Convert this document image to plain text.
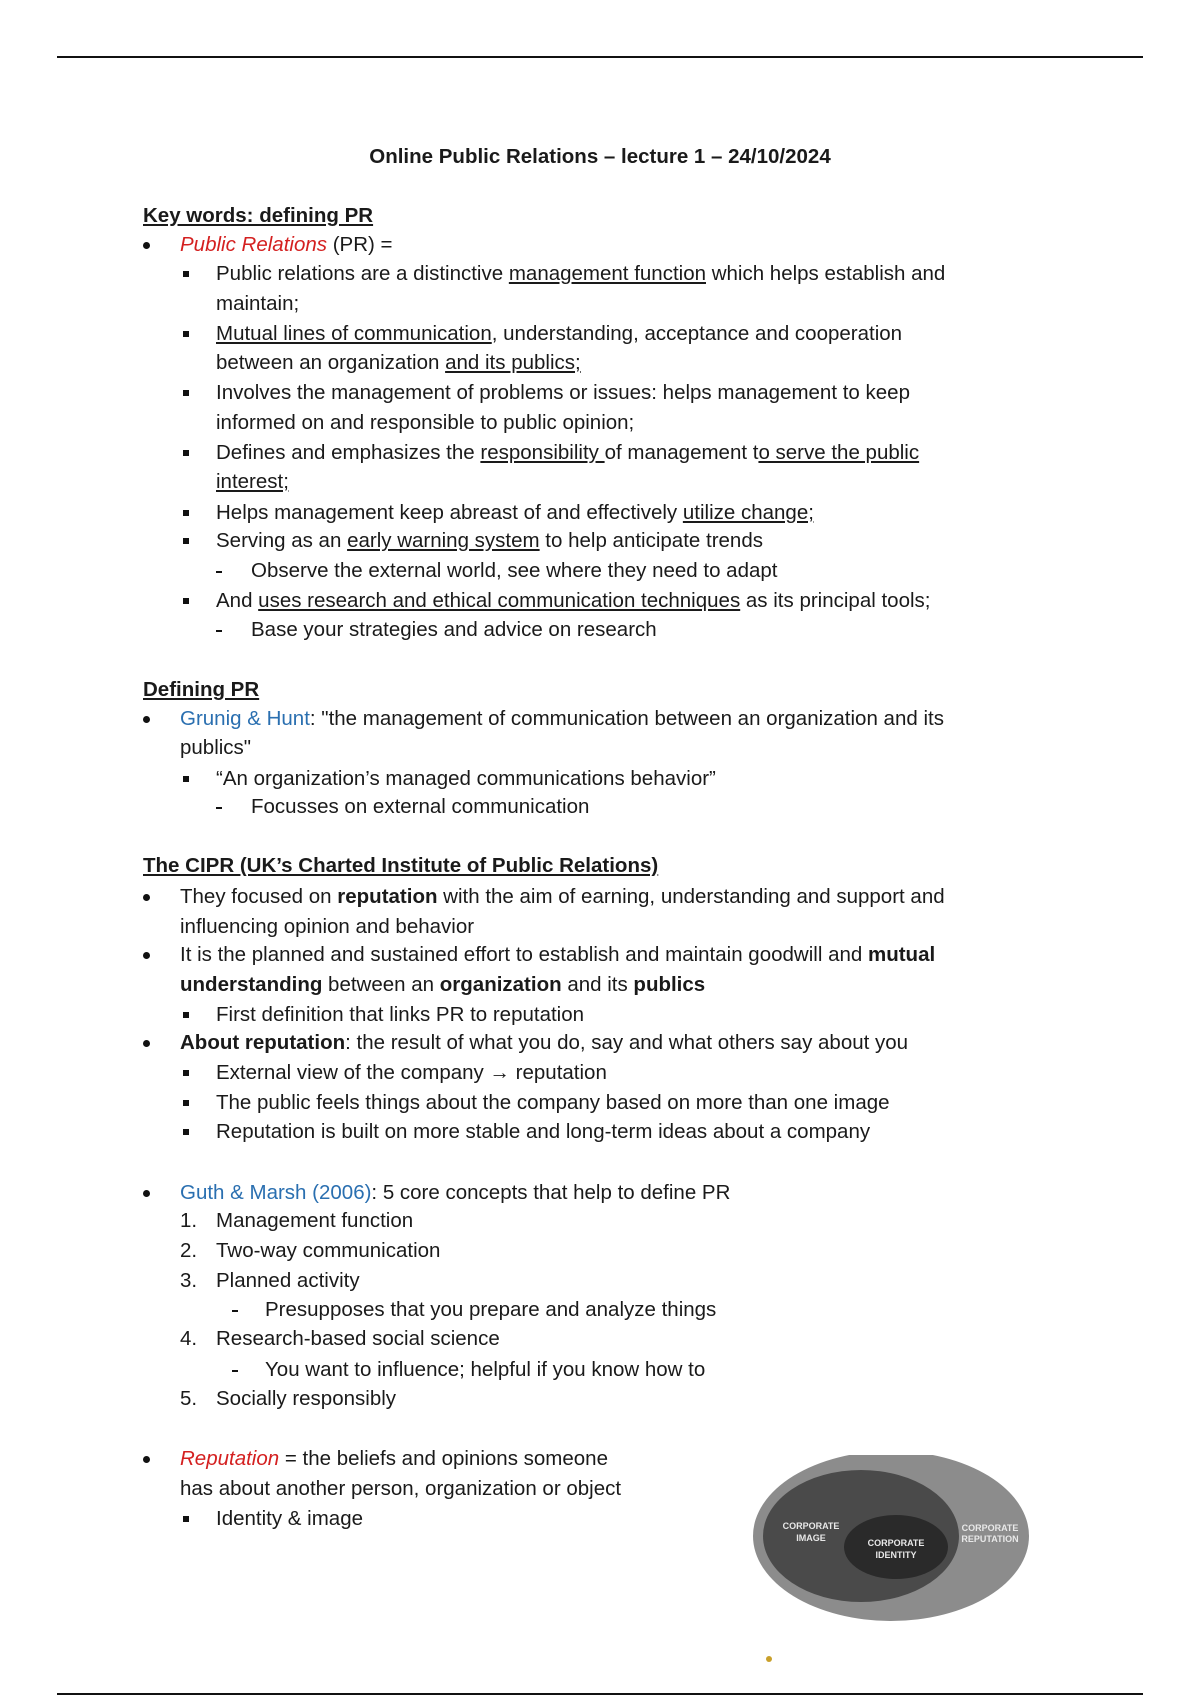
Online Public Relations – lecture 1 – 24/10/2024
Key words: defining PR
Public Relations (PR) =
Public relations are a distinctive management function which helps establish and
maintain;
Mutual lines of communication, understanding, acceptance and cooperation
between an organization and its publics;
Involves the management of problems or issues: helps management to keep
informed on and responsible to public opinion;
Defines and emphasizes the responsibility of management to serve the public
interest;
Helps management keep abreast of and effectively utilize change;
Serving as an early warning system to help anticipate trends
Observe the external world, see where they need to adapt
And uses research and ethical communication techniques as its principal tools;
Base your strategies and advice on research
Defining PR
Grunig & Hunt: "the management of communication between an organization and its
publics"
“An organization’s managed communications behavior”
Focusses on external communication
The CIPR (UK’s Charted Institute of Public Relations)
They focused on reputation with the aim of earning, understanding and support and
influencing opinion and behavior
It is the planned and sustained effort to establish and maintain goodwill and mutual
understanding between an organization and its publics
First definition that links PR to reputation
About reputation: the result of what you do, say and what others say about you
External view of the company → reputation
The public feels things about the company based on more than one image
Reputation is built on more stable and long-term ideas about a company
Guth & Marsh (2006): 5 core concepts that help to define PR
1. Management function
2. Two-way communication
3. Planned activity
Presupposes that you prepare and analyze things
4. Research-based social science
You want to influence; helpful if you know how to
5. Socially responsibly
Reputation = the beliefs and opinions someone
has about another person, organization or object
Identity & image	CORPORATE
REPUTATION
CORPORATE
IMAGE	CORPORATE
IDENTITY
